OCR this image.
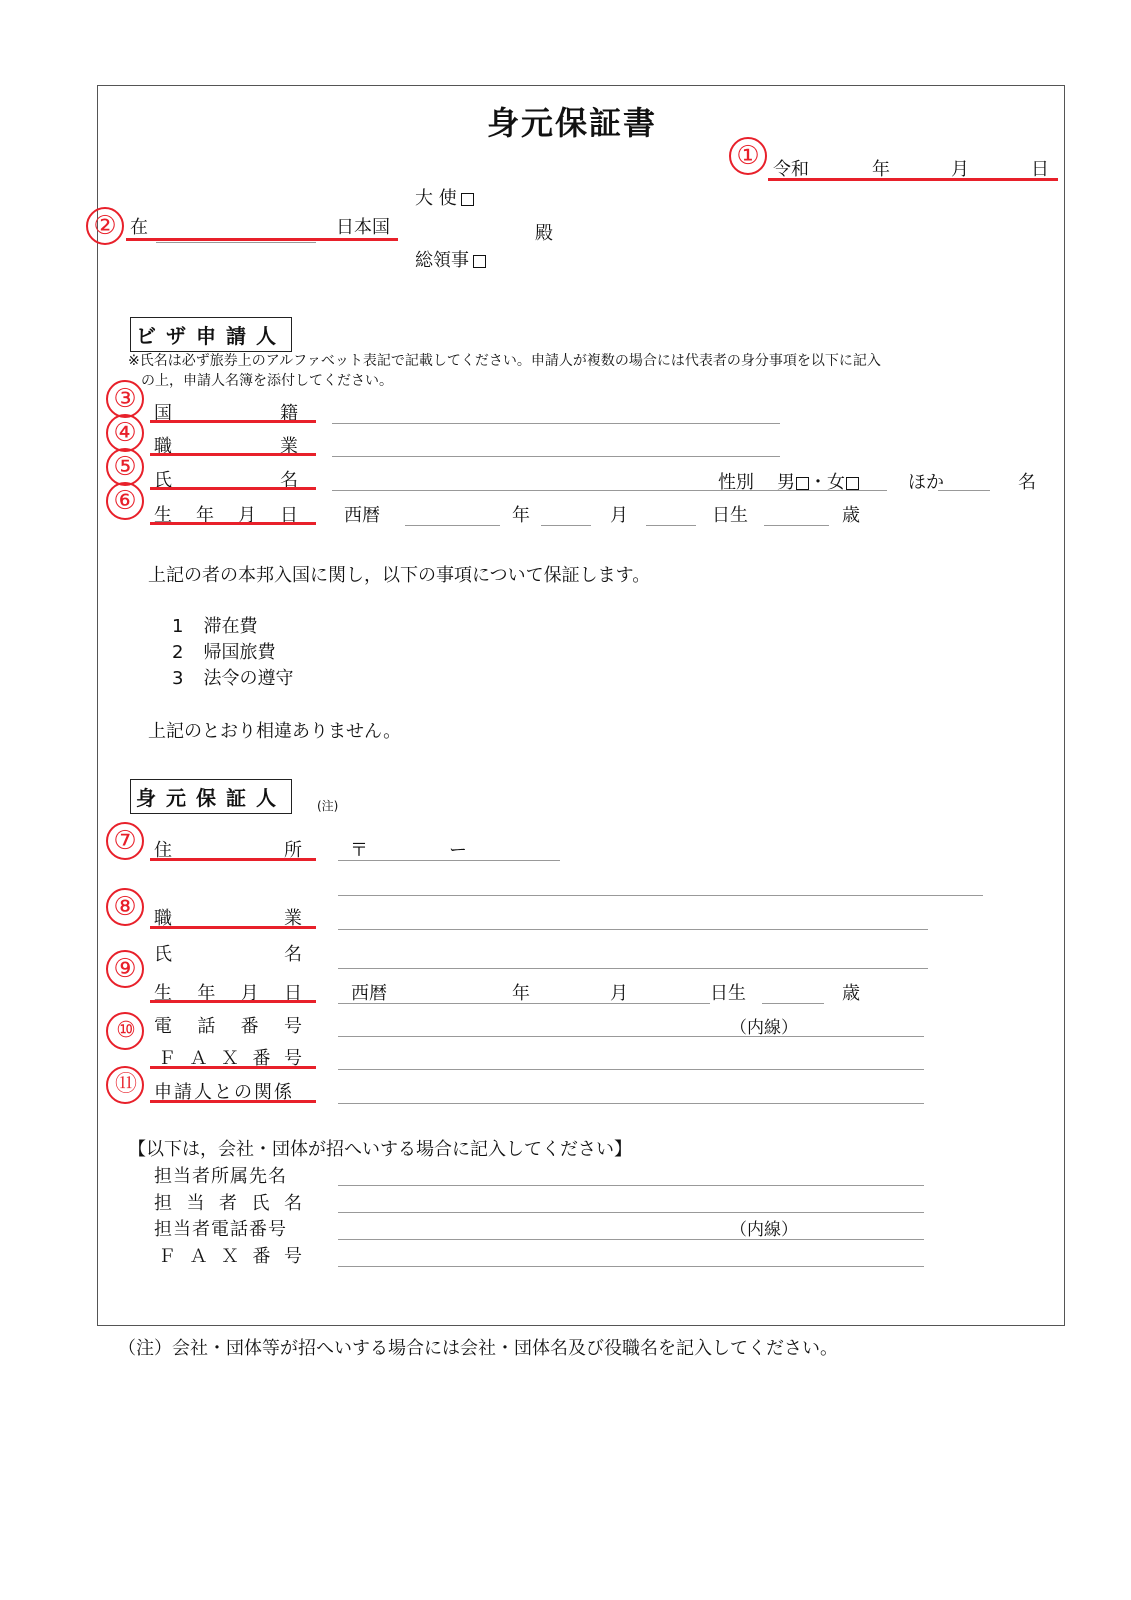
身元保証書
① 令和	年	月	日
大 使
② 在	日本国	殿
総領事
ビザ申請人
※氏名は必ず旅券上のアルファベット表記で記載してください。申請人が複数の場合には代表者の身分事項を以下に記入
の上，申請人名簿を添付してください。
③ 国	籍
④ 職	業
⑤ 氏	名	性別 男 ・女	ほか	名
⑥ 生 年 月 日	西暦	年	月	日生	歳
上記の者の本邦入国に関し，以下の事項について保証します。
1 滞在費
2 帰国旅費
3 法令の遵守
上記のとおり相違ありません。
身元保証人	(注)
⑦ 住	所	〒	ー
⑧ 職	業
氏	名
⑨
生 年 月 日	西暦	年	月	日生	歳
⑩	電 話 番 号	（内線）
Ｆ Ａ Ｘ 番 号
⑪	申請人との関係
【以下は，会社・団体が招へいする場合に記入してください】
担当者所属先名
担 当 者 氏 名
担当者電話番号	（内線）
Ｆ Ａ Ｘ 番 号
（注）会社・団体等が招へいする場合には会社・団体名及び役職名を記入してください。
